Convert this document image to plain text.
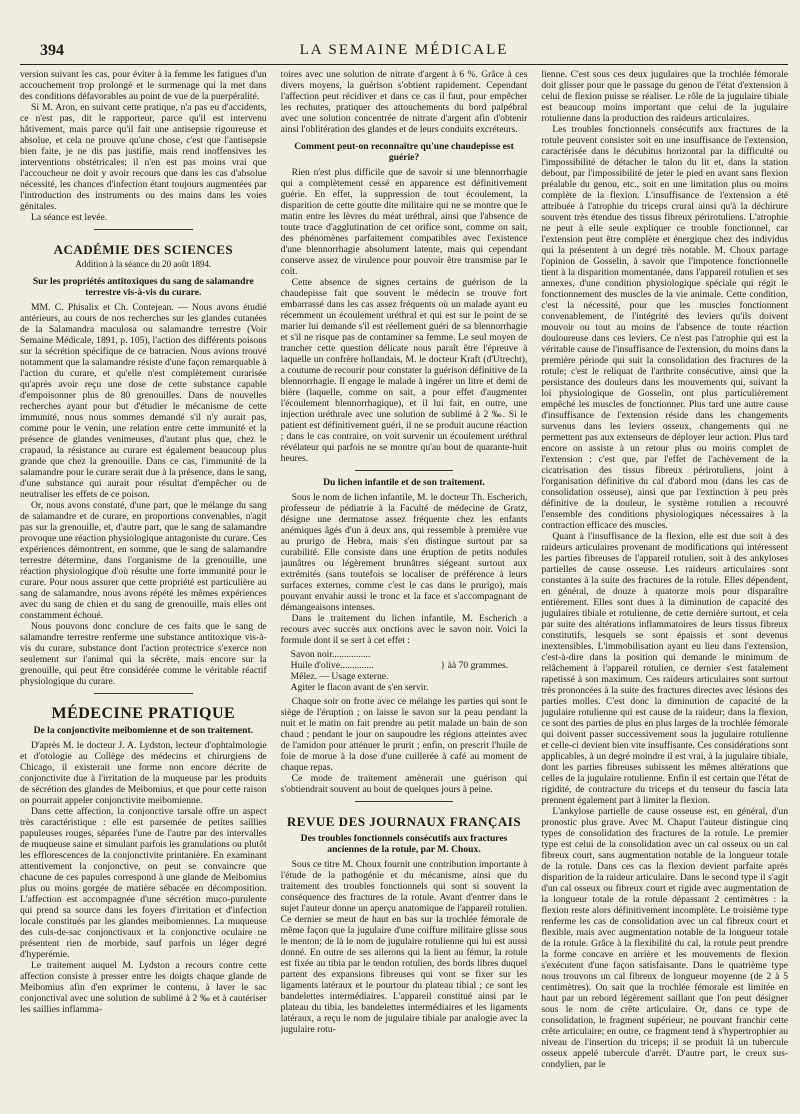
394	LA SEMAINE MÉDICALE

version suivant les cas, pour éviter à la femme les fatigues d'un accouchement trop prolongé et le surmenage qui la met dans des conditions défavorables au point de vue de la puerpéralité.

Si M. Aron, en suivant cette pratique, n'a pas eu d'accidents, ce n'est pas, dit le rapporteur, parce qu'il est intervenu hâtivement, mais parce qu'il fait une antisepsie rigoureuse et absolue, et cela ne prouve qu'une chose, c'est que l'antisepsie bien faite, je ne dis pas justifie, mais rend inoffensives les interventions obstétricales; il n'en est pas moins vrai que l'accoucheur ne doit y avoir recours que dans les cas d'absolue nécessité, les chances d'infection étant toujours augmentées par l'introduction des instruments ou des mains dans les voies génitales.

La séance est levée.

ACADÉMIE DES SCIENCES
Addition à la séance du 20 août 1894.
Sur les propriétés antitoxiques du sang de salamandre terrestre vis-à-vis du curare.

MM. C. Phisalix et Ch. Contejean. — Nous avons étudié antérieurs, au cours de nos recherches sur les glandes cutanées de la Salamandra maculosa ou salamandre terrestre (Voir Semaine Médicale, 1891, p. 105), l'action des différents poisons sur la sécrétion spécifique de ce batracien. Nous avions trouvé notamment que la salamandre résiste d'une façon remarquable à l'action du curare, et qu'elle n'est complètement curarisée qu'après avoir reçu une dose de cette substance capable d'empoisonner plus de 80 grenouilles. Dans de nouvelles recherches ayant pour but d'étudier le mécanisme de cette immunité, nous nous sommes demandé s'il n'y aurait pas, comme pour le venin, une relation entre cette immunité et la présence de glandes venimeuses, d'autant plus que, chez le crapaud, la résistance au curare est également beaucoup plus grande que chez la grenouille. Dans ce cas, l'immunité de la salamandre pour le curare serait due à la présence, dans le sang, d'une substance qui aurait pour résultat d'empêcher ou de neutraliser les effets de ce poison.

Or, nous avons constaté, d'une part, que le mélange du sang de salamandre et de curare, en proportions convenables, n'agit pas sur la grenouille, et, d'autre part, que le sang de salamandre provoque une réaction physiologique antagoniste du curare. Ces expériences démontrent, en somme, que le sang de salamandre terrestre détermine, dans l'organisme de la grenouille, une réaction physiologique d'où résulte une forte immunité pour le curare. Pour nous assurer que cette propriété est particulière au sang de salamandre, nous avons répété les mêmes expériences avec du sang de chien et du sang de grenouille, mais elles ont constamment échoué.

Nous pouvons donc conclure de ces faits que le sang de salamandre terrestre renferme une substance antitoxique vis-à-vis du curare, substance dont l'action protectrice s'exerce non seulement sur l'animal qui la sécrète, mais encore sur la grenouille, qui peut être considérée comme le véritable réactif physiologique du curare.

MÉDECINE PRATIQUE
De la conjonctivite meibomienne et de son traitement.

D'après M. le docteur J. A. Lydston, lecteur d'ophtalmologie et d'otologie au Collège des médecins et chirurgiens de Chicago, il existerait une forme non encore décrite de conjonctivite due à l'irritation de la muqueuse par les produits de sécrétion des glandes de Meibomius, et que pour cette raison on pourrait appeler conjonctivite meibomienne.

Dans cette affection, la conjonctive tarsale offre un aspect très caractéristique : elle est parsemée de petites saillies papuleuses rouges, séparées l'une de l'autre par des intervalles de muqueuse saine et simulant parfois les granulations ou plutôt les efflorescences de la conjonctivite printanière. En examinant attentivement la conjonctive, on peut se convaincre que chacune de ces papules correspond à une glande de Meibomius plus ou moins gorgée de matière sébacée en décomposition. L'affection est accompagnée d'une sécrétion muco-purulente qui prend sa source dans les foyers d'irritation et d'infection locale constitués par les glandes meibomiennes. La muqueuse des culs-de-sac conjonctivaux et la conjonctive oculaire ne présentent rien de morbide, sauf parfois un léger degré d'hyperémie.

Le traitement auquel M. Lydston a recours contre cette affection consiste à presser entre les doigts chaque glande de Meibomius afin d'en exprimer le contenu, à laver le sac conjonctival avec une solution de sublimé à 2 ‰ et à cautériser les saillies inflamma-

toires avec une solution de nitrate d'argent à 6 %. Grâce à ces divers moyens, la guérison s'obtient rapidement. Cependant l'affection peut récidiver et dans ce cas il faut, pour empêcher les rechutes, pratiquer des attouchements du bord palpébral avec une solution concentrée de nitrate d'argent afin d'obtenir ainsi l'oblitération des glandes et de leurs conduits excréteurs.

Comment peut-on reconnaître qu'une chaudepisse est guérie?

Rien n'est plus difficile que de savoir si une blennorrhagie qui a complètement cessé en apparence est définitivement guérie. En effet, la suppression de tout écoulement, la disparition de cette goutte dite militaire qui ne se montre que le matin entre les lèvres du méat uréthral, ainsi que l'absence de toute trace d'agglutination de cet orifice sont, comme on sait, des phénomènes parfaitement compatibles avec l'existence d'une blennorrhagie absolument latente, mais qui cependant conserve assez de virulence pour pouvoir être transmise par le coït.

Cette absence de signes certains de guérison de la chaudepisse fait que souvent le médecin se trouve fort embarrassé dans les cas assez fréquents où un malade ayant eu récemment un écoulement uréthral et qui est sur le point de se marier lui demande s'il est réellement guéri de sa blennorrhagie et s'il ne risque pas de contaminer sa femme. Le seul moyen de trancher cette question délicate nous paraît être l'épreuve à laquelle un confrère hollandais, M. le docteur Kraft (d'Utrecht), a coutume de recourir pour constater la guérison définitive de la blennorrhagie. Il engage le malade à ingérer un litre et demi de bière (laquelle, comme on sait, a pour effet d'augmenter l'écoulement blennorrhagique), et il lui fait, en outre, une injection uréthrale avec une solution de sublimé à 2 ‰. Si le patient est définitivement guéri, il ne se produit aucune réaction ; dans le cas contraire, on voit survenir un écoulement uréthral révélateur qui parfois ne se montre qu'au bout de quarante-huit heures.

Du lichen infantile et de son traitement.

Sous le nom de lichen infantile, M. le docteur Th. Escherich, professeur de pédiatrie à la Faculté de médecine de Gratz, désigne une dermatose assez fréquente chez les enfants anémiques âgés d'un à deux ans, qui ressemble à première vue au prurigo de Hebra, mais s'en distingue surtout par sa curabilité. Elle consiste dans une éruption de petits nodules jaunâtres ou légèrement brunâtres siégeant surtout aux extrémités (sans toutefois se localiser de préférence à leurs surfaces externes, comme c'est le cas dans le prurigo), mais pouvant envahir aussi le tronc et la face et s'accompagnant de démangeaisons intenses.

Dans le traitement du lichen infantile, M. Escherich a recours avec succès aux onctions avec le savon noir. Voici la formule dont il se sert à cet effet :

Savon noir................
Huile d'olive..............	} àà 70 grammes.
Mêlez. — Usage externe.
Agiter le flacon avant de s'en servir.

Chaque soir on frotte avec ce mélange les parties qui sont le siège de l'éruption ; on laisse le savon sur la peau pendant la nuit et le matin on fait prendre au petit malade un bain de son chaud ; pendant le jour on saupoudre les régions atteintes avec de l'amidon pour atténuer le prurit ; enfin, on prescrit l'huile de foie de morue à la dose d'une cuillerée à café au moment de chaque repas.

Ce mode de traitement amènerait une guérison qui s'obtiendrait souvent au bout de quelques jours à peine.

REVUE DES JOURNAUX FRANÇAIS
Des troubles fonctionnels consécutifs aux fractures anciennes de la rotule, par M. Choux.

Sous ce titre M. Choux fournit une contribution importante à l'étude de la pathogénie et du mécanisme, ainsi que du traitement des troubles fonctionnels qui sont si souvent la conséquence des fractures de la rotule. Avant d'entrer dans le sujet l'auteur donne un aperçu anatomique de l'appareil rotulien. Ce dernier se meut de haut en bas sur la trochlée fémorale de même façon que la jugulaire d'une coiffure militaire glisse sous le menton; de là le nom de jugulaire rotulienne qui lui est aussi donné. En outre de ses ailerons qui la lient au fémur, la rotule est fixée au tibia par le tendon rotulien, des bords libres duquel partent des expansions fibreuses qui vont se fixer sur les ligaments latéraux et le pourtour du plateau tibial ; ce sont les bandelettes intermédiaires. L'appareil constitué ainsi par le plateau du tibia, les bandelettes intermédiaires et les ligaments latéraux, a reçu le nom de jugulaire tibiale par analogie avec la jugulaire rotu-

lienne. C'est sous ces deux jugulaires que la trochlée fémorale doit glisser pour que le passage du genou de l'état d'extension à celui de flexion puisse se réaliser. Le rôle de la jugulaire tibiale est beaucoup moins important que celui de la jugulaire rotulienne dans la production des raideurs articulaires.

Les troubles fonctionnels consécutifs aux fractures de la rotule peuvent consister soit en une insuffisance de l'extension, caractérisée dans le décubitus horizontal par la difficulté ou l'impossibilité de détacher le talon du lit et, dans la station debout, par l'impossibilité de jeter le pied en avant sans flexion préalable du genou, etc., soit en une limitation plus ou moins complète de la flexion. L'insuffisance de l'extension a été attribuée à l'atrophie du triceps crural ainsi qu'à la déchirure souvent très étendue des tissus fibreux périrotuliens. L'atrophie ne peut à elle seule expliquer ce trouble fonctionnel, car l'extension peut être complète et énergique chez des individus qui la présentent à un degré très notable. M. Choux partage l'opinion de Gosselin, à savoir que l'impotence fonctionnelle tient à la disparition momentanée, dans l'appareil rotulien et ses annexes, d'une condition physiologique spéciale qui régit le fonctionnement des muscles de la vie animale. Cette condition, c'est la nécessité, pour que les muscles fonctionnent convenablement, de l'intégrité des leviers qu'ils doivent mouvoir ou tout au moins de l'absence de toute réaction douloureuse dans ces leviers. Ce n'est pas l'atrophie qui est la véritable cause de l'insuffisance de l'extension, du moins dans la première période qui suit la consolidation des fractures de la rotule; c'est le reliquat de l'arthrite consécutive, ainsi que la persistance des douleurs dans les mouvements qui, suivant la loi physiologique de Gosselin, ont plus particulièrement empêché les muscles de fonctionner. Plus tard une autre cause d'insuffisance de l'extension réside dans les changements survenus dans les leviers osseux, changements qui ne permettent pas aux extenseurs de déployer leur action. Plus tard encore on assiste à un retour plus ou moins complet de l'extension : c'est que, par l'effet de l'achèvement de la cicatrisation des tissus fibreux périrotuliens, joint à l'organisation définitive du cal d'abord mou (dans les cas de consolidation osseuse), ainsi que par l'extinction à peu près définitive de la douleur, le système rotulien a recouvré l'ensemble des conditions physiologiques nécessaires à la contraction efficace des muscles.

Quant à l'insuffisance de la flexion, elle est due soit à des raideurs articulaires provenant de modifications qui intéressent les parties fibreuses de l'appareil rotulien, soit à des ankyloses partielles de cause osseuse. Les raideurs articulaires sont constantes à la suite des fractures de la rotule. Elles dépendent, en général, de douze à quatorze mois pour disparaître entièrement. Elles sont dues à la diminution de capacité des jugulaires tibiale et rotulienne, de cette dernière surtout, et cela par suite des altérations inflammatoires de leurs tissus fibreux constitutifs, lesquels se sont épaissis et sont devenus inextensibles. L'immobilisation ayant eu lieu dans l'extension, c'est-à-dire dans la position qui demande le minimum de relâchement à l'appareil rotulien, ce dernier s'est fatalement rapetissé à son maximum. Ces raideurs articulaires sont surtout très prononcées à la suite des fractures directes avec lésions des parties molles. C'est donc la diminution de capacité de la jugulaire rotulienne qui est cause de la raideur; dans la flexion, ce sont des parties de plus en plus larges de la trochlée fémorale qui doivent passer successivement sous la jugulaire rotulienne et celle-ci devient bien vite insuffisante. Ces considérations sont applicables, à un degré moindre il est vrai, à la jugulaire tibiale, dont les parties fibreuses subissent les mêmes altérations que celles de la jugulaire rotulienne. Enfin il est certain que l'état de rigidité, de contracture du triceps et du tenseur du fascia lata prennent également part à limiter la flexion.

L'ankylose partielle de cause osseuse est, en général, d'un pronostic plus grave. Avec M. Chaput l'auteur distingue cinq types de consolidation des fractures de la rotule. Le premier type est celui de la consolidation avec un cal osseux ou un cal fibreux court, sans augmentation notable de la longueur totale de la rotule. Dans ces cas la flexion devient parfaite après disparition de la raideur articulaire. Dans le second type il s'agit d'un cal osseux ou fibreux court et rigide avec augmentation de la longueur totale de la rotule dépassant 2 centimètres : la flexion reste alors définitivement incomplète. Le troisième type renferme les cas de consolidation avec un cal fibreux court et flexible, mais avec augmentation notable de la longueur totale de la rotule. Grâce à la flexibilité du cal, la rotule peut prendre la forme concave en arrière et les mouvements de flexion s'exécutent d'une façon satisfaisante. Dans le quatrième type nous trouvons un cal fibreux de longueur moyenne (de 2 à 5 centimètres). On sait que la trochlée fémorale est limitée en haut par un rebord légèrement saillant que l'on peut désigner sous le nom de crête articulaire. Or, dans ce type de consolidation, le fragment supérieur, ne pouvant franchir cette crête articulaire; en outre, ce fragment tend à s'hypertrophier au niveau de l'insertion du triceps; il se produit là un tubercule osseux appelé tubercule d'arrêt. D'autre part, le creux sus-condylien, par le
